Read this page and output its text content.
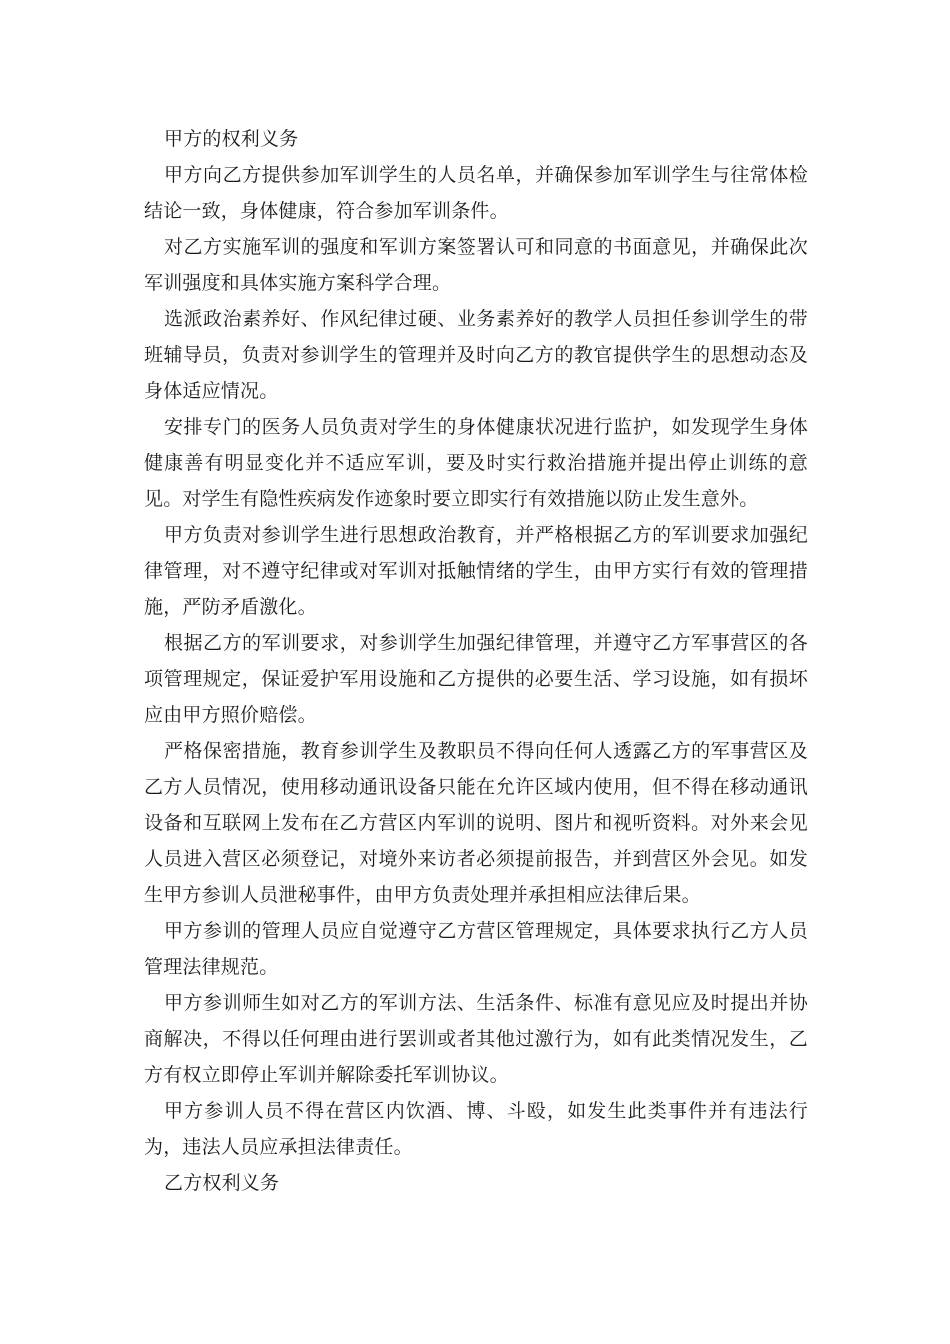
甲方的权利义务

甲方向乙方提供参加军训学生的人员名单，并确保参加军训学生与往常体检结论一致，身体健康，符合参加军训条件。

对乙方实施军训的强度和军训方案签署认可和同意的书面意见，并确保此次军训强度和具体实施方案科学合理。

选派政治素养好、作风纪律过硬、业务素养好的教学人员担任参训学生的带班辅导员，负责对参训学生的管理并及时向乙方的教官提供学生的思想动态及身体适应情况。

安排专门的医务人员负责对学生的身体健康状况进行监护，如发现学生身体健康善有明显变化并不适应军训，要及时实行救治措施并提出停止训练的意见。对学生有隐性疾病发作迹象时要立即实行有效措施以防止发生意外。

甲方负责对参训学生进行思想政治教育，并严格根据乙方的军训要求加强纪律管理，对不遵守纪律或对军训对抵触情绪的学生，由甲方实行有效的管理措施，严防矛盾激化。

根据乙方的军训要求，对参训学生加强纪律管理，并遵守乙方军事营区的各项管理规定，保证爱护军用设施和乙方提供的必要生活、学习设施，如有损坏应由甲方照价赔偿。

严格保密措施，教育参训学生及教职员不得向任何人透露乙方的军事营区及乙方人员情况，使用移动通讯设备只能在允许区域内使用，但不得在移动通讯设备和互联网上发布在乙方营区内军训的说明、图片和视听资料。对外来会见人员进入营区必须登记，对境外来访者必须提前报告，并到营区外会见。如发生甲方参训人员泄秘事件，由甲方负责处理并承担相应法律后果。

甲方参训的管理人员应自觉遵守乙方营区管理规定，具体要求执行乙方人员管理法律规范。

甲方参训师生如对乙方的军训方法、生活条件、标准有意见应及时提出并协商解决，不得以任何理由进行罢训或者其他过激行为，如有此类情况发生，乙方有权立即停止军训并解除委托军训协议。

甲方参训人员不得在营区内饮酒、博、斗殴，如发生此类事件并有违法行为，违法人员应承担法律责任。

乙方权利义务
